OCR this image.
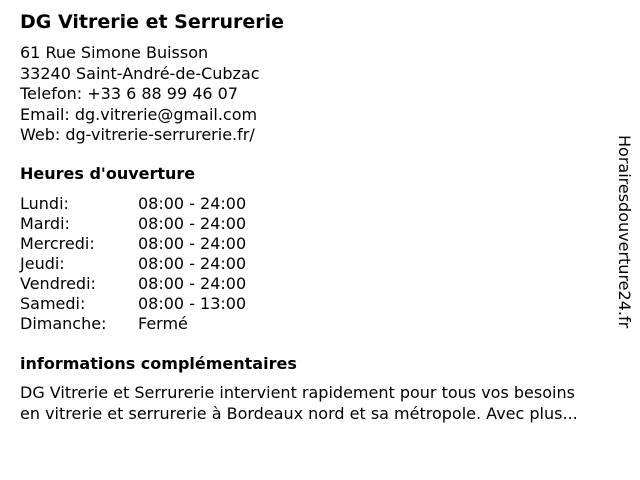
DG Vitrerie et Serrurerie
61 Rue Simone Buisson
33240 Saint-André-de-Cubzac
Telefon: +33 6 88 99 46 07
Email: dg.vitrerie@gmail.com
Web: dg-vitrerie-serrurerie.fr/
Heures d'ouverture
Lundi:	08:00 - 24:00
Mardi:	08:00 - 24:00
Mercredi:	08:00 - 24:00
Jeudi:	08:00 - 24:00
Vendredi:	08:00 - 24:00
Samedi:	08:00 - 13:00
Dimanche: Fermé
informations complémentaires
DG Vitrerie et Serrurerie intervient rapidement pour tous vos besoins
en vitrerie et serrurerie à Bordeaux nord et sa métropole. Avec plus...
Horairesdouverture24.fr
